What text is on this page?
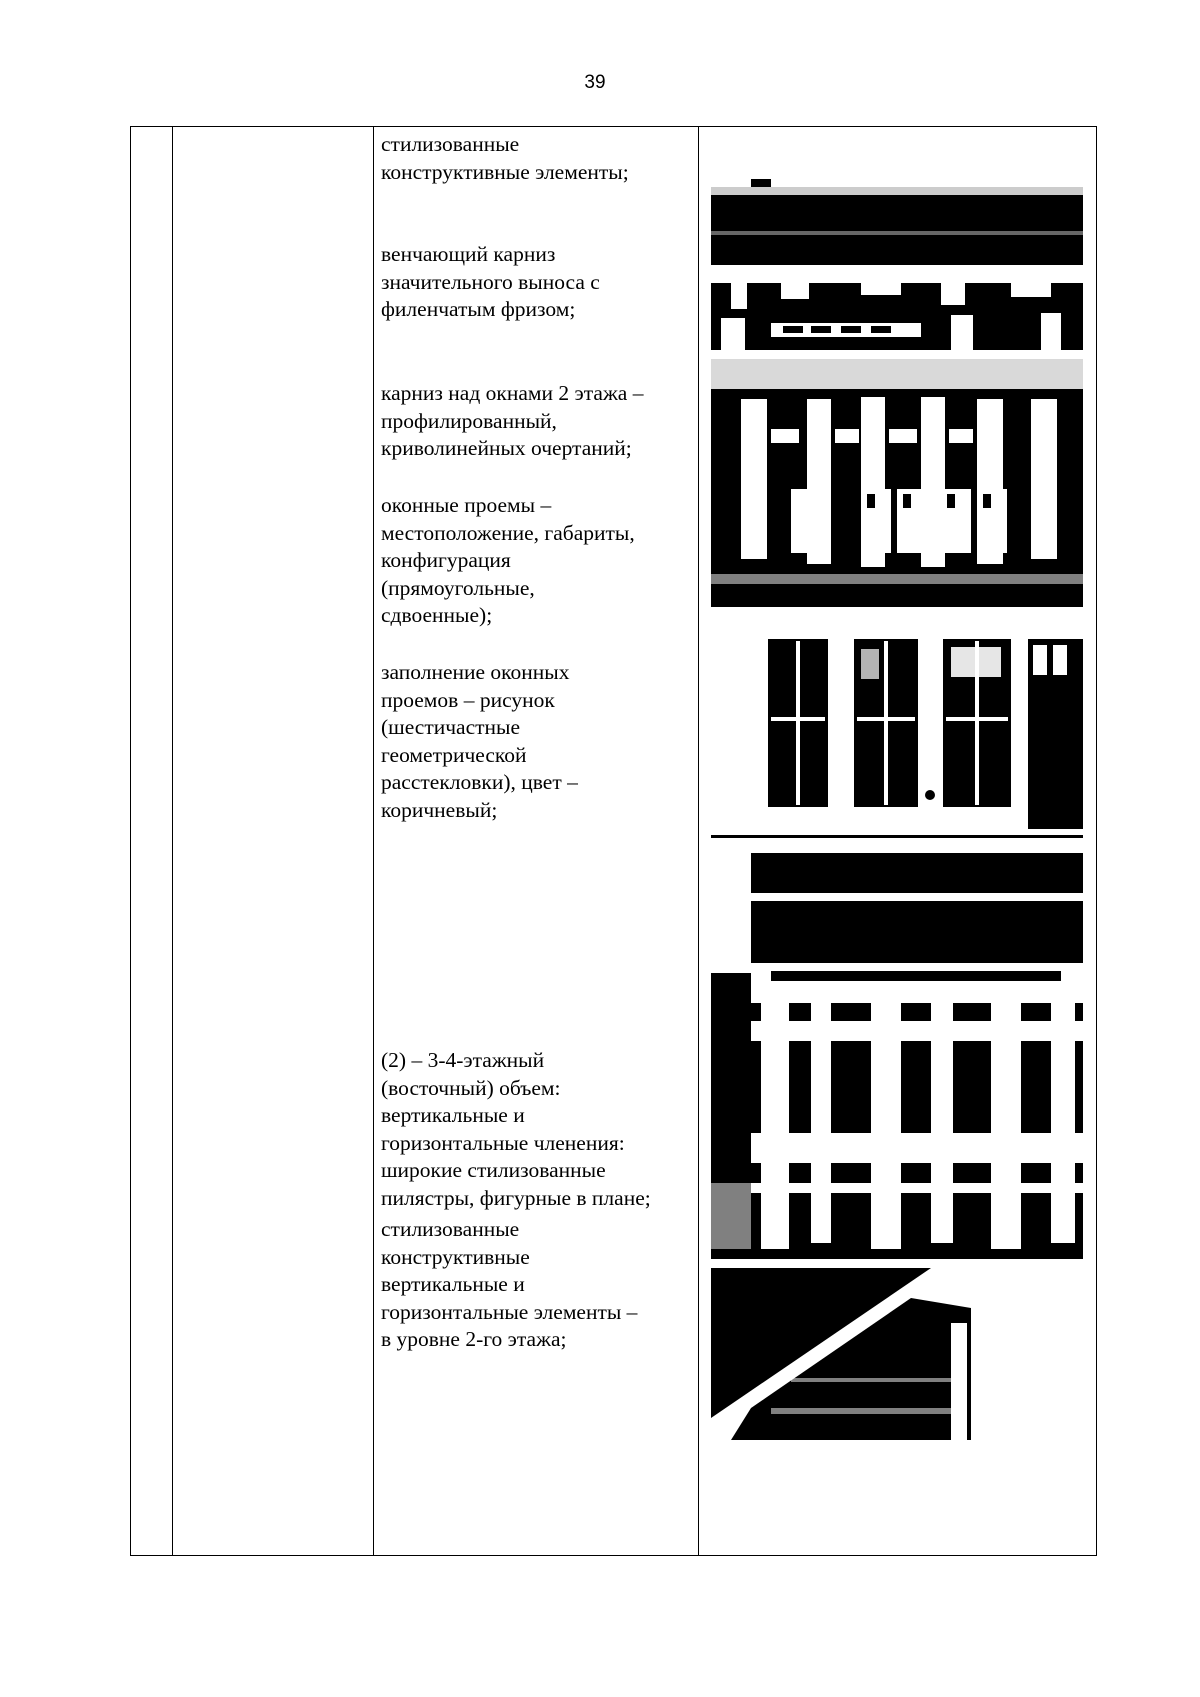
39

стилизованные
конструктивные элементы;

венчающий карниз
значительного выноса с
филенчатым фризом;

карниз над окнами 2 этажа –
профилированный,
криволинейных очертаний;

оконные проемы –
местоположение, габариты,
конфигурация
(прямоугольные,
сдвоенные);

заполнение оконных
проемов – рисунок
(шестичастные
геометрической
расстекловки), цвет –
коричневый;

(2) – 3-4-этажный
(восточный) объем:
вертикальные и
горизонтальные членения:
широкие стилизованные
пилястры, фигурные в плане;

стилизованные
конструктивные
вертикальные и
горизонтальные элементы –
в уровне 2-го этажа;
